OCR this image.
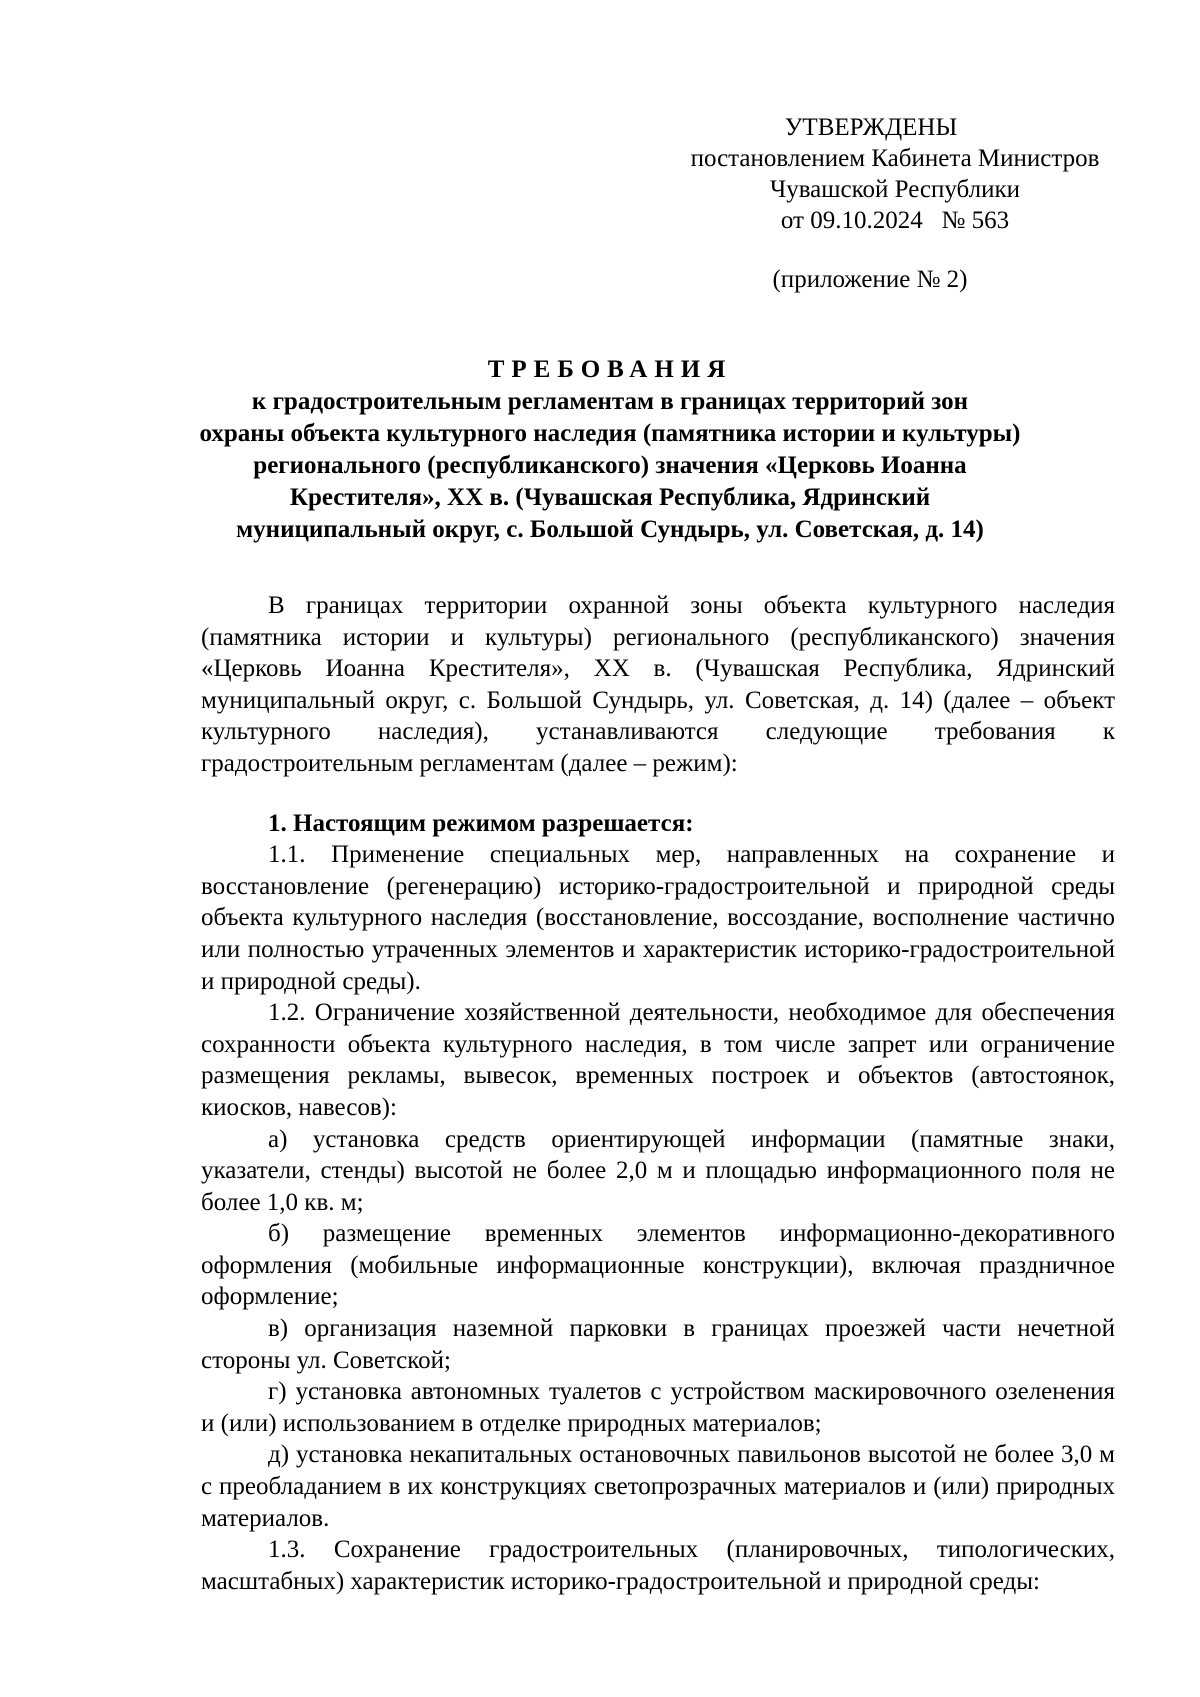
УТВЕРЖДЕНЫ
постановлением Кабинета Министров
Чувашской Республики
от 09.10.2024   № 563
(приложение № 2)
ТРЕБОВАНИЯ
к градостроительным регламентам в границах территорий зон
охраны объекта культурного наследия (памятника истории и культуры)
регионального (республиканского) значения «Церковь Иоанна
Крестителя», ХХ в. (Чувашская Республика, Ядринский
муниципальный округ, с. Большой Сундырь, ул. Советская, д. 14)

В границах территории охранной зоны объекта культурного наследия (памятника истории и культуры) регионального (республиканского) значения «Церковь Иоанна Крестителя», ХХ в. (Чувашская Республика, Ядринский муниципальный округ, с. Большой Сундырь, ул. Советская, д. 14) (далее – объект культурного наследия), устанавливаются следующие требования к градостроительным регламентам (далее – режим):

1. Настоящим режимом разрешается:

1.1. Применение специальных мер, направленных на сохранение и восстановление (регенерацию) историко-градостроительной и природной среды объекта культурного наследия (восстановление, воссоздание, восполнение частично или полностью утраченных элементов и характеристик историко-градостроительной и природной среды).

1.2. Ограничение хозяйственной деятельности, необходимое для обеспечения сохранности объекта культурного наследия, в том числе запрет или ограничение размещения рекламы, вывесок, временных построек и объектов (автостоянок, киосков, навесов):

а) установка средств ориентирующей информации (памятные знаки, указатели, стенды) высотой не более 2,0 м и площадью информационного поля не более 1,0 кв. м;

б) размещение временных элементов информационно-декоративного оформления (мобильные информационные конструкции), включая праздничное оформление;

в) организация наземной парковки в границах проезжей части нечетной стороны ул. Советской;

г) установка автономных туалетов с устройством маскировочного озеленения и (или) использованием в отделке природных материалов;

д) установка некапитальных остановочных павильонов высотой не более 3,0 м с преобладанием в их конструкциях светопрозрачных материалов и (или) природных материалов.

1.3. Сохранение градостроительных (планировочных, типологических, масштабных) характеристик историко-градостроительной и природной среды:
